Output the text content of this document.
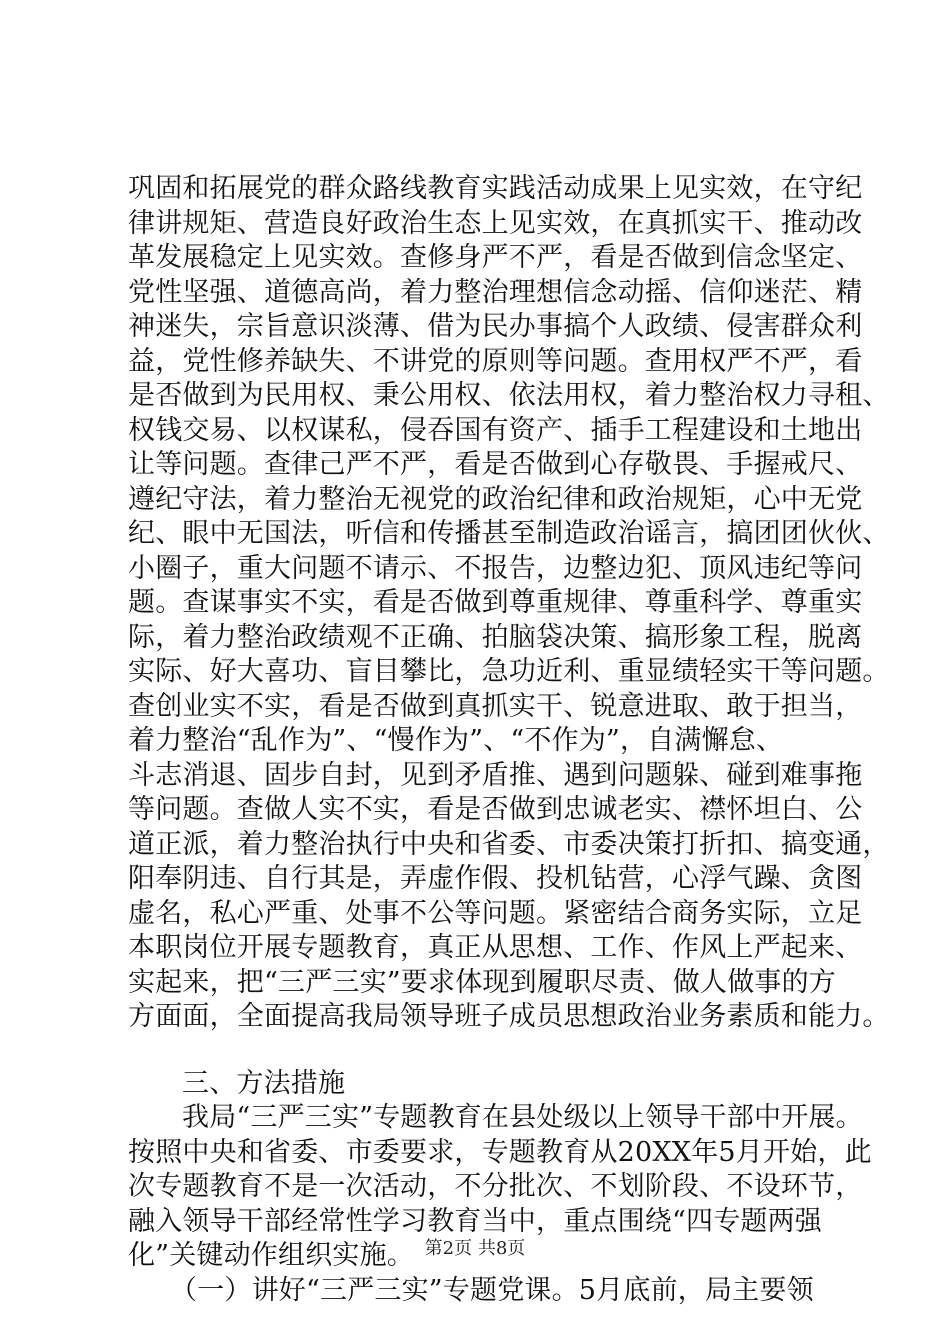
巩固和拓展党的群众路线教育实践活动成果上见实效，在守纪
律讲规矩、营造良好政治生态上见实效，在真抓实干、推动改
革发展稳定上见实效。查修身严不严，看是否做到信念坚定、
党性坚强、道德高尚，着力整治理想信念动摇、信仰迷茫、精
神迷失，宗旨意识淡薄、借为民办事搞个人政绩、侵害群众利
益，党性修养缺失、不讲党的原则等问题。查用权严不严，看
是否做到为民用权、秉公用权、依法用权，着力整治权力寻租、
权钱交易、以权谋私，侵吞国有资产、插手工程建设和土地出
让等问题。查律己严不严，看是否做到心存敬畏、手握戒尺、
遵纪守法，着力整治无视党的政治纪律和政治规矩，心中无党
纪、眼中无国法，听信和传播甚至制造政治谣言，搞团团伙伙、
小圈子，重大问题不请示、不报告，边整边犯、顶风违纪等问
题。查谋事实不实，看是否做到尊重规律、尊重科学、尊重实
际，着力整治政绩观不正确、拍脑袋决策、搞形象工程，脱离
实际、好大喜功、盲目攀比，急功近利、重显绩轻实干等问题。
查创业实不实，看是否做到真抓实干、锐意进取、敢于担当，
着力整治“乱作为”、“慢作为”、“不作为”，自满懈怠、
斗志消退、固步自封，见到矛盾推、遇到问题躲、碰到难事拖
等问题。查做人实不实，看是否做到忠诚老实、襟怀坦白、公
道正派，着力整治执行中央和省委、市委决策打折扣、搞变通，
阳奉阴违、自行其是，弄虚作假、投机钻营，心浮气躁、贪图
虚名，私心严重、处事不公等问题。紧密结合商务实际，立足
本职岗位开展专题教育，真正从思想、工作、作风上严起来、
实起来，把“三严三实”要求体现到履职尽责、做人做事的方
方面面，全面提高我局领导班子成员思想政治业务素质和能力。
三、方法措施
我局“三严三实”专题教育在县处级以上领导干部中开展。
按照中央和省委、市委要求，专题教育从20XX年5月开始，此
次专题教育不是一次活动，不分批次、不划阶段、不设环节，
融入领导干部经常性学习教育当中，重点围绕“四专题两强
化”关键动作组织实施。
（一）讲好“三严三实”专题党课。5月底前，局主要领
第2页 共8页
